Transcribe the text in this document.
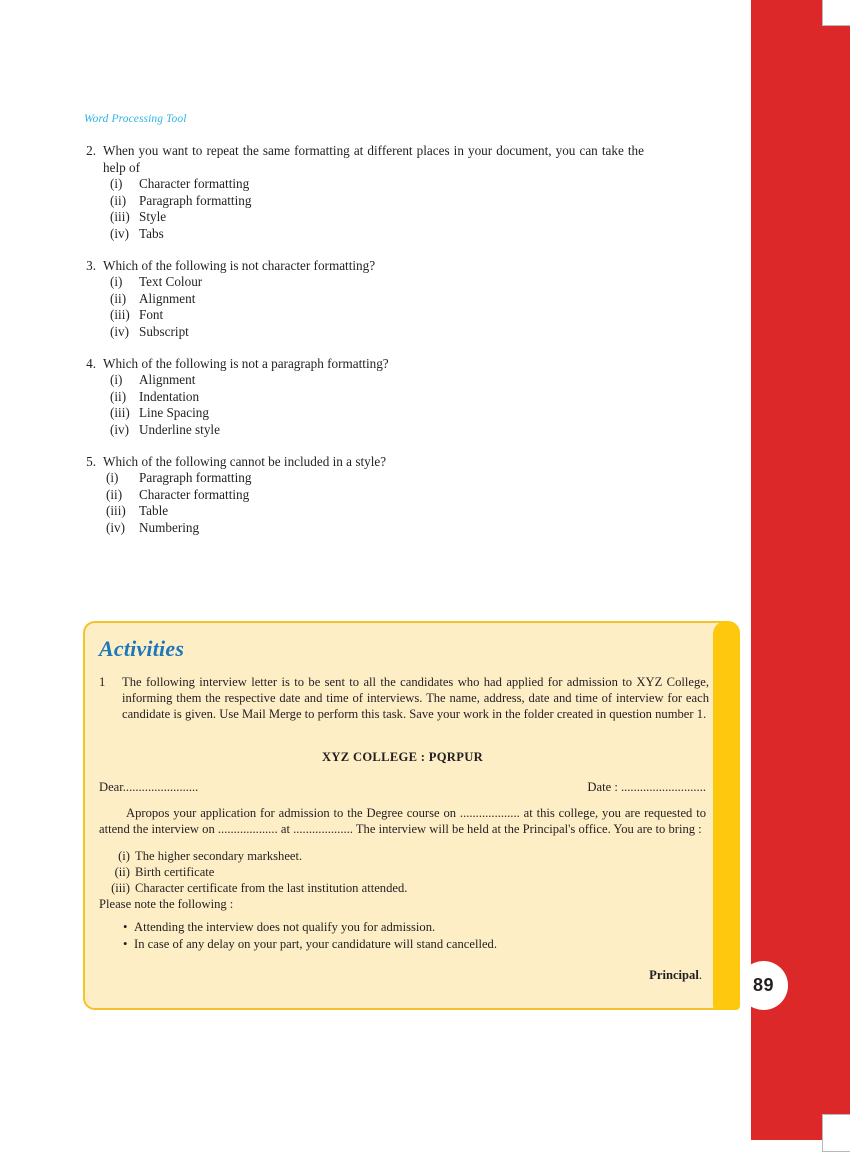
89
Word Processing Tool
2. When you want to repeat the same formatting at different places in your document, you can take the help of
(i)	Character formatting
(ii) Paragraph formatting
(iii) Style
(iv) Tabs
3. Which of the following is not character formatting?
(i)	Text Colour
(ii) Alignment
(iii) Font
(iv) Subscript
4. Which of the following is not a paragraph formatting?
(i)	Alignment
(ii) Indentation
(iii) Line Spacing
(iv) Underline style
5. Which of the following cannot be included in a style?
(i)	Paragraph formatting
(ii)	Character formatting
(iii)	Table
(iv)	Numbering
Activities
1	The following interview letter is to be sent to all the candidates who had applied for admission to XYZ College, informing them the respective date and time of interviews. The name, address, date and time of interview for each candidate is given. Use Mail Merge to perform this task. Save your work in the folder created in question number 1.
XYZ COLLEGE : PQRPUR
Dear........................	Date : ...........................
Apropos your application for admission to the Degree course on ................... at this college, you are requested to attend the interview on ................... at ................... The interview will be held at the Principal's office. You are to bring :
(i) The higher secondary marksheet.
(ii) Birth certificate
(iii) Character certificate from the last institution attended.
Please note the following :
• Attending the interview does not qualify you for admission.
• In case of any delay on your part, your candidature will stand cancelled.
Principal.
